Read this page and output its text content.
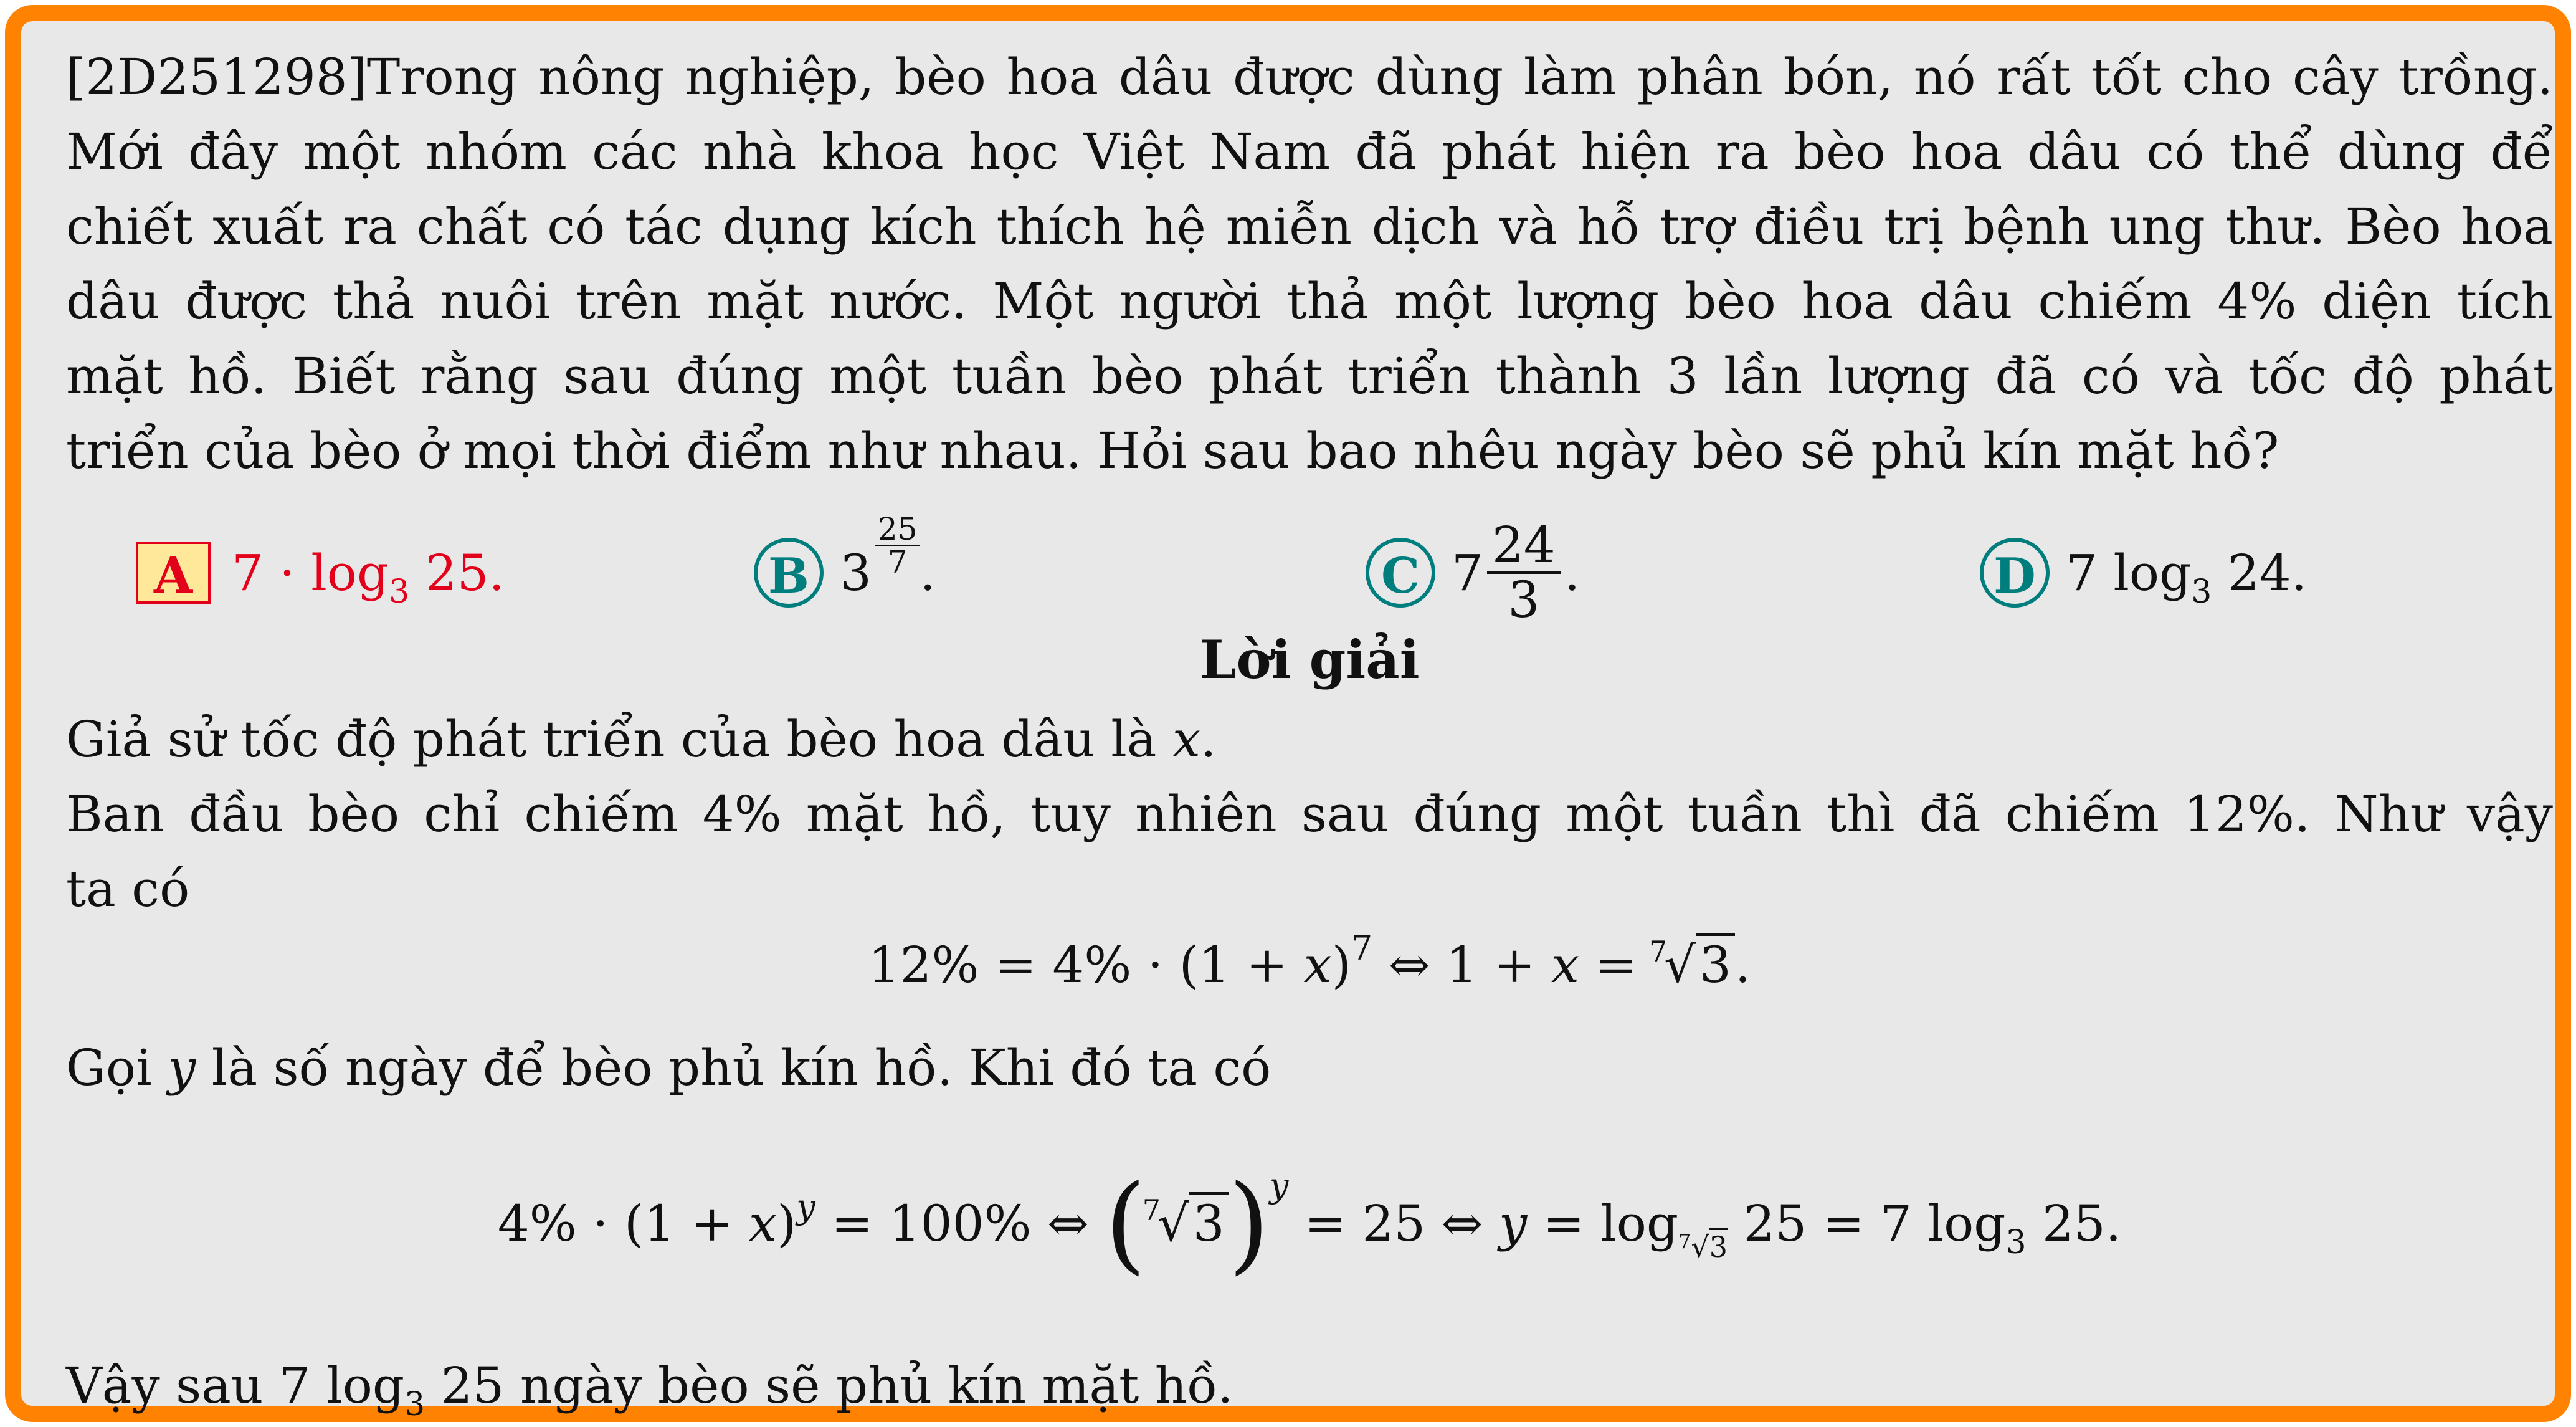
[2D251298]Trong nông nghiệp, bèo hoa dâu được dùng làm phân bón, nó rất tốt cho cây trồng.
Mới đây một nhóm các nhà khoa học Việt Nam đã phát hiện ra bèo hoa dâu có thể dùng để
chiết xuất ra chất có tác dụng kích thích hệ miễn dịch và hỗ trợ điều trị bệnh ung thư. Bèo hoa
dâu được thả nuôi trên mặt nước. Một người thả một lượng bèo hoa dâu chiếm 4% diện tích
mặt hồ. Biết rằng sau đúng một tuần bèo phát triển thành 3 lần lượng đã có và tốc độ phát
triển của bèo ở mọi thời điểm như nhau. Hỏi sau bao nhêu ngày bèo sẽ phủ kín mặt hồ?
A $7 \cdot \log_3 25$.	B $3 \frac{25}{7}$ .	C $7 \frac{24}{3}$ .	D 7 $\log_3 24$.
Lời giải
Giả sử tốc độ phát triển của bèo hoa dâu là x.
Ban đầu bèo chỉ chiếm 4% mặt hồ, tuy nhiên sau đúng một tuần thì đã chiếm 12%. Như vậy
ta có
$12\% = 4\% \cdot (1 + x)^7$ ⇔ 1 + x =
7
√3.
Gọi y là số ngày để bèo phủ kín hồ. Khi đó ta có
$4\% \cdot (1 + x)^y = 100\%$ ⇔ (
7
√3)$^y$ = 25 ⇔ $y = \log_{^7√3} 25 = 7$ $\log_3 25$.
Vậy sau 7 $\log_3 25$ ngày bèo sẽ phủ kín mặt hồ.
